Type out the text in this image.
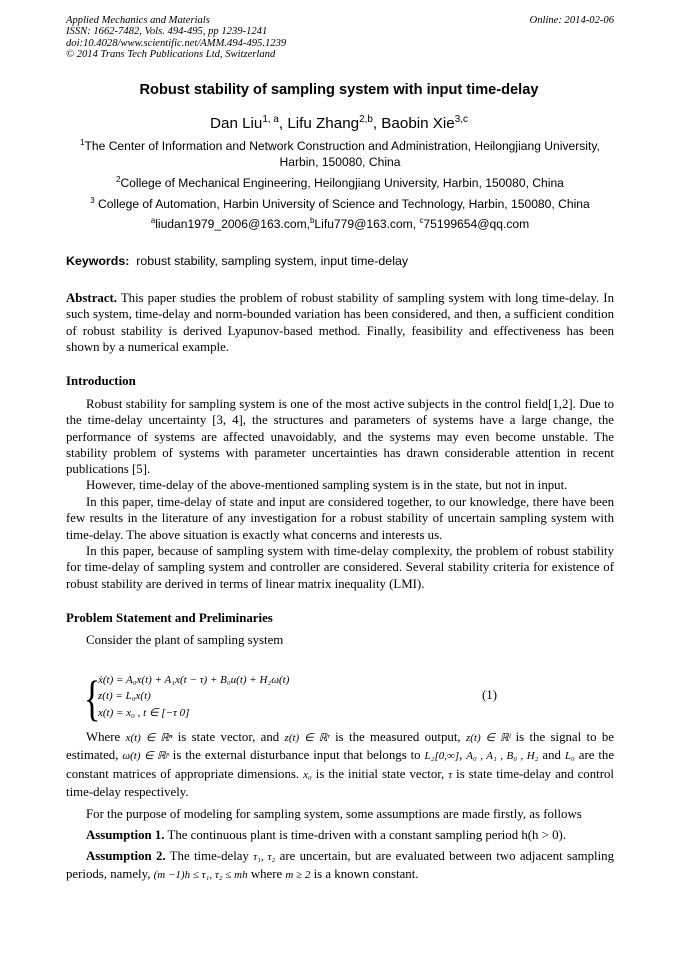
Applied Mechanics and Materials
ISSN: 1662-7482, Vols. 494-495, pp 1239-1241
doi:10.4028/www.scientific.net/AMM.494-495.1239
© 2014 Trans Tech Publications Ltd, Switzerland
Online: 2014-02-06
Robust stability of sampling system with input time-delay
Dan Liu$^{1, a}$, Lifu Zhang$^{2,b}$, Baobin Xie$^{3,c}$
$^1$The Center of Information and Network Construction and Administration, Heilongjiang University, Harbin, 150080, China
$^2$College of Mechanical Engineering, Heilongjiang University, Harbin, 150080, China
$^3$ College of Automation, Harbin University of Science and Technology, Harbin, 150080, China
$^a$liudan1979_2006@163.com,$^b$Lifu779@163.com, $^c$75199654@qq.com
Keywords: robust stability, sampling system, input time-delay

Abstract. This paper studies the problem of robust stability of sampling system with long time-delay. In such system, time-delay and norm-bounded variation has been considered, and then, a sufficient condition of robust stability is derived Lyapunov-based method. Finally, feasibility and effectiveness has been shown by a numerical example.

Introduction

Robust stability for sampling system is one of the most active subjects in the control field[1,2]. Due to the time-delay uncertainty [3, 4], the structures and parameters of systems have a large change, the performance of systems are affected unavoidably, and the systems may even become unstable. The stability problem of systems with parameter uncertainties has drawn considerable attention in recent publications [5].

However, time-delay of the above-mentioned sampling system is in the state, but not in input.

In this paper, time-delay of state and input are considered together, to our knowledge, there have been few results in the literature of any investigation for a robust stability of uncertain sampling system with time-delay. The above situation is exactly what concerns and interests us.

In this paper, because of sampling system with time-delay complexity, the problem of robust stability for time-delay of sampling system and controller are considered. Several stability criteria for existence of robust stability are derived in terms of linear matrix inequality (LMI).

Problem Statement and Preliminaries

Consider the plant of sampling system

{
ẋ(t) = A₀x(t) + A₁x(t − τ) + B₀u(t) + H₂ω(t)
z(t) = L₀x(t)
x(t) = x₀ , t ∈ [−τ 0]
(1)

Where x(t) ∈ ℝⁿ is state vector, and z(t) ∈ ℝʳ is the measured output, z(t) ∈ ℝˡ is the signal to be estimated, ω(t) ∈ ℝᵖ is the external disturbance input that belongs to L₂[0,∞], A₀ , A₁ , B₀ , H₂ and L₀ are the constant matrices of appropriate dimensions. x₀ is the initial state vector, τ is state time-delay and control time-delay respectively.

For the purpose of modeling for sampling system, some assumptions are made firstly, as follows

Assumption 1. The continuous plant is time-driven with a constant sampling period h(h > 0).

Assumption 2. The time-delay τ₁, τ₂ are uncertain, but are evaluated between two adjacent sampling periods, namely, (m −1)h ≤ τ₁, τ₂ ≤ mh where m ≥ 2 is a known constant.
